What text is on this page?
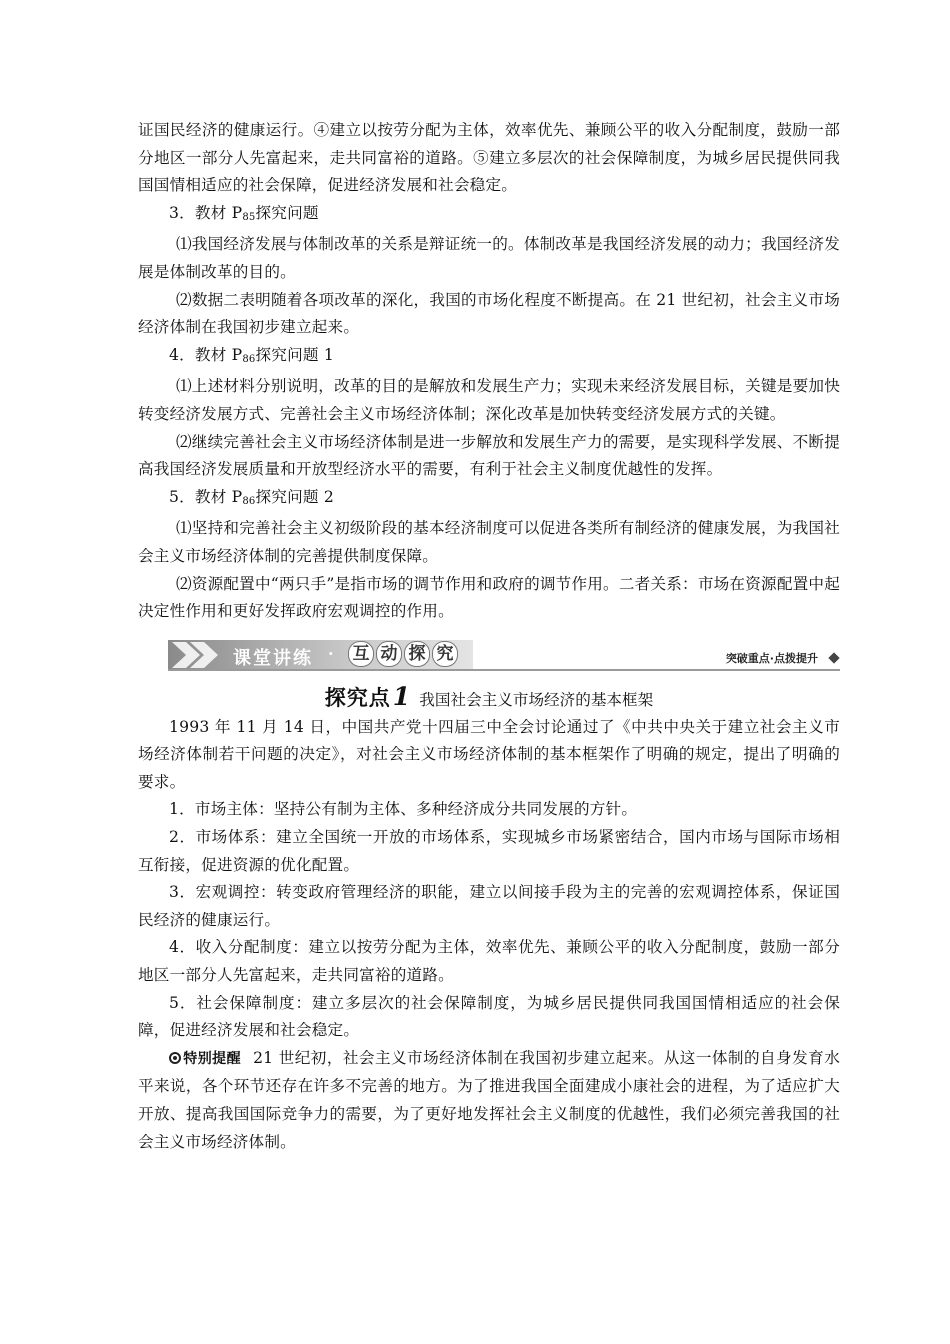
证国民经济的健康运行。④建立以按劳分配为主体，效率优先、兼顾公平的收入分配制度，鼓励一部分地区一部分人先富起来，走共同富裕的道路。⑤建立多层次的社会保障制度，为城乡居民提供同我国国情相适应的社会保障，促进经济发展和社会稳定。

3．教材 $P_{85}$探究问题

⑴我国经济发展与体制改革的关系是辩证统一的。体制改革是我国经济发展的动力；我国经济发展是体制改革的目的。

⑵数据二表明随着各项改革的深化，我国的市场化程度不断提高。在 21 世纪初，社会主义市场经济体制在我国初步建立起来。

4．教材 $P_{86}$探究问题 1

⑴上述材料分别说明，改革的目的是解放和发展生产力；实现未来经济发展目标，关键是要加快转变经济发展方式、完善社会主义市场经济体制；深化改革是加快转变经济发展方式的关键。

⑵继续完善社会主义市场经济体制是进一步解放和发展生产力的需要，是实现科学发展、不断提高我国经济发展质量和开放型经济水平的需要，有利于社会主义制度优越性的发挥。

5．教材 $P_{86}$探究问题 2

⑴坚持和完善社会主义初级阶段的基本经济制度可以促进各类所有制经济的健康发展，为我国社会主义市场经济体制的完善提供制度保障。

⑵资源配置中“两只手”是指市场的调节作用和政府的调节作用。二者关系：市场在资源配置中起决定性作用和更好发挥政府宏观调控的作用。

课堂讲练 · 互 动 探 究	突破重点·点拨提升
探究点1 我国社会主义市场经济的基本框架

1993 年 11 月 14 日，中国共产党十四届三中全会讨论通过了《中共中央关于建立社会主义市场经济体制若干问题的决定》，对社会主义市场经济体制的基本框架作了明确的规定，提出了明确的要求。

1．市场主体：坚持公有制为主体、多种经济成分共同发展的方针。

2．市场体系：建立全国统一开放的市场体系，实现城乡市场紧密结合，国内市场与国际市场相互衔接，促进资源的优化配置。

3．宏观调控：转变政府管理经济的职能，建立以间接手段为主的完善的宏观调控体系，保证国民经济的健康运行。

4．收入分配制度：建立以按劳分配为主体，效率优先、兼顾公平的收入分配制度，鼓励一部分地区一部分人先富起来，走共同富裕的道路。

5．社会保障制度：建立多层次的社会保障制度，为城乡居民提供同我国国情相适应的社会保障，促进经济发展和社会稳定。

特别提醒 21 世纪初，社会主义市场经济体制在我国初步建立起来。从这一体制的自身发育水平来说，各个环节还存在许多不完善的地方。为了推进我国全面建成小康社会的进程，为了适应扩大开放、提高我国国际竞争力的需要，为了更好地发挥社会主义制度的优越性，我们必须完善我国的社会主义市场经济体制。
